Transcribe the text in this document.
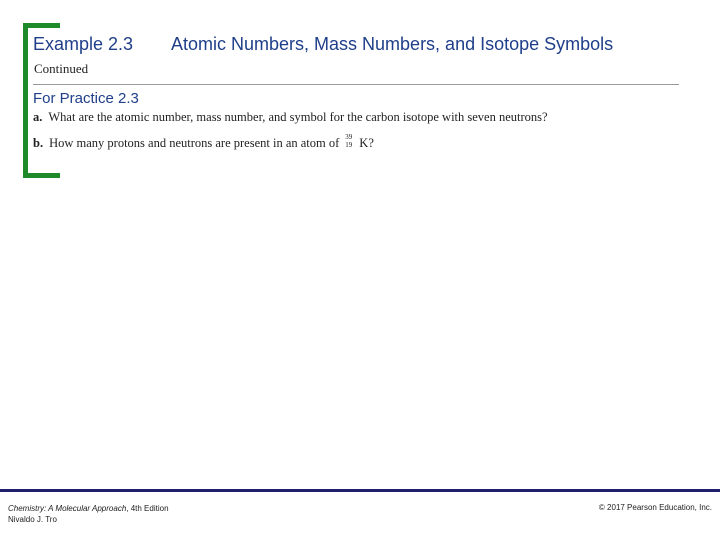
Example 2.3 Atomic Numbers, Mass Numbers, and Isotope Symbols
Continued
For Practice 2.3
a. What are the atomic number, mass number, and symbol for the carbon isotope with seven neutrons?
b. How many protons and neutrons are present in an atom of 39
19 K?
Chemistry: A Molecular Approach, 4th Edition
Nivaldo J. Tro
© 2017 Pearson Education, Inc.
